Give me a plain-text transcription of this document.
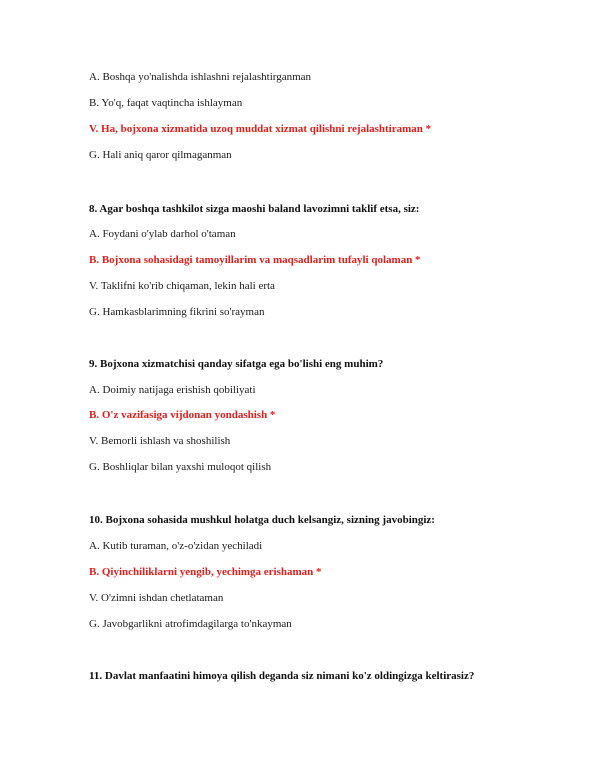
A. Boshqa yo'nalishda ishlashni rejalashtirganman
B. Yo'q, faqat vaqtincha ishlayman
V. Ha, bojxona xizmatida uzoq muddat xizmat qilishni rejalashtiraman *
G. Hali aniq qaror qilmaganman
8. Agar boshqa tashkilot sizga maoshi baland lavozimni taklif etsa, siz:
A. Foydani o'ylab darhol o'taman
B. Bojxona sohasidagi tamoyillarim va maqsadlarim tufayli qolaman *
V. Taklifni ko'rib chiqaman, lekin hali erta
G. Hamkasblarimning fikrini so'rayman
9. Bojxona xizmatchisi qanday sifatga ega bo'lishi eng muhim?
A. Doimiy natijaga erishish qobiliyati
B. O'z vazifasiga vijdonan yondashish *
V. Bemorli ishlash va shoshilish
G. Boshliqlar bilan yaxshi muloqot qilish
10. Bojxona sohasida mushkul holatga duch kelsangiz, sizning javobingiz:
A. Kutib turaman, o'z-o'zidan yechiladi
B. Qiyinchiliklarni yengib, yechimga erishaman *
V. O'zimni ishdan chetlataman
G. Javobgarlikni atrofimdagilarga to'nkayman
11. Davlat manfaatini himoya qilish deganda siz nimani ko'z oldingizga keltirasiz?
